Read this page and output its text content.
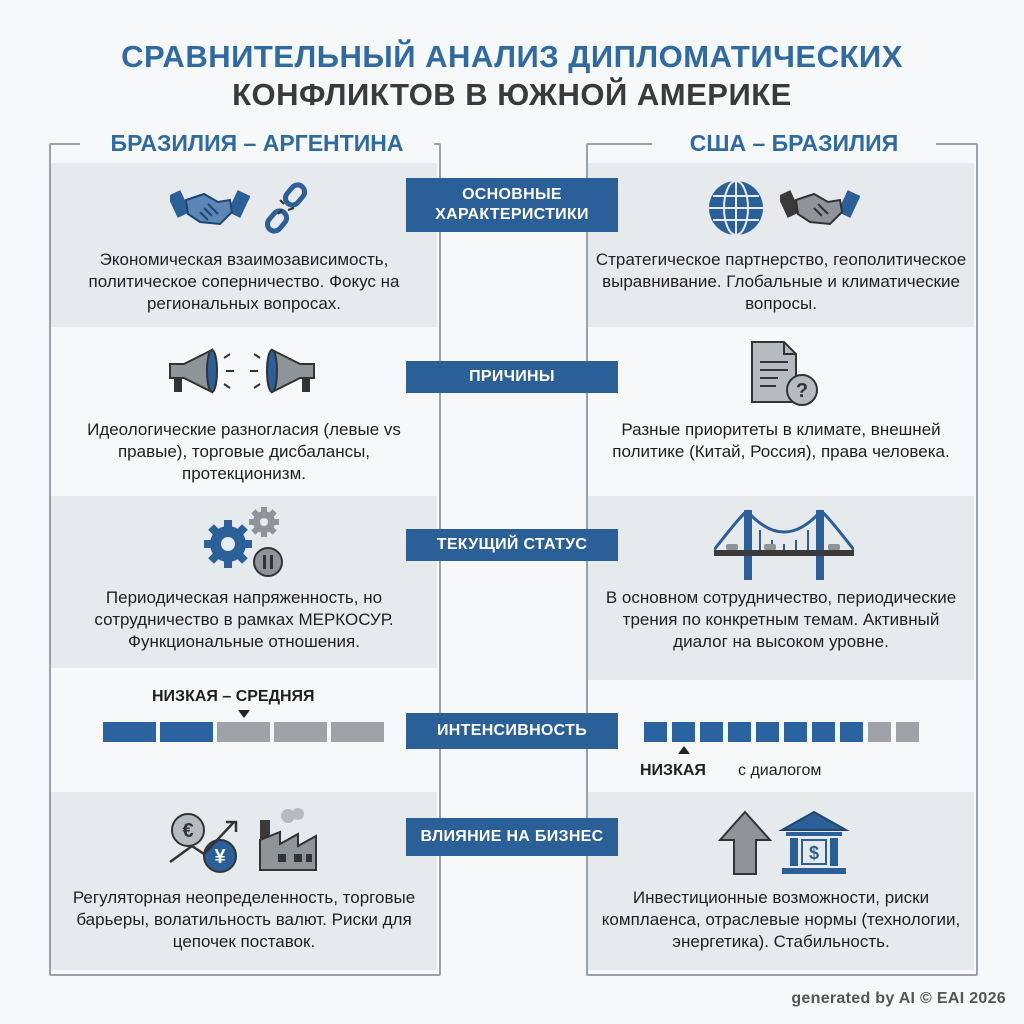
СРАВНИТЕЛЬНЫЙ АНАЛИЗ ДИПЛОМАТИЧЕСКИХ
КОНФЛИКТОВ В ЮЖНОЙ АМЕРИКЕ
БРАЗИЛИЯ – АРГЕНТИНА	США – БРАЗИЛИЯ
ОСНОВНЫЕ ХАРАКТЕРИСТИКИ
ПРИЧИНЫ
ТЕКУЩИЙ СТАТУС
ИНТЕНСИВНОСТЬ
ВЛИЯНИЕ НА БИЗНЕС
Экономическая взаимозависимость, политическое соперничество. Фокус на региональных вопросах.
Стратегическое партнерство, геополитическое выравнивание. Глобальные и климатические вопросы.
Идеологические разногласия (левые vs правые), торговые дисбалансы, протекционизм.
Разные приоритеты в климате, внешней политике (Китай, Россия), права человека.
Периодическая напряженность, но сотрудничество в рамках МЕРКОСУР. Функциональные отношения.
В основном сотрудничество, периодические трения по конкретным темам. Активный диалог на высоком уровне.
Регуляторная неопределенность, торговые барьеры, волатильность валют. Риски для цепочек поставок.
Инвестиционные возможности, риски комплаенса, отраслевые нормы (технологии, энергетика). Стабильность.
?
НИЗКАЯ – СРЕДНЯЯ
НИЗКАЯ с диалогом
€
¥	$
generated by AI © EAI 2026
